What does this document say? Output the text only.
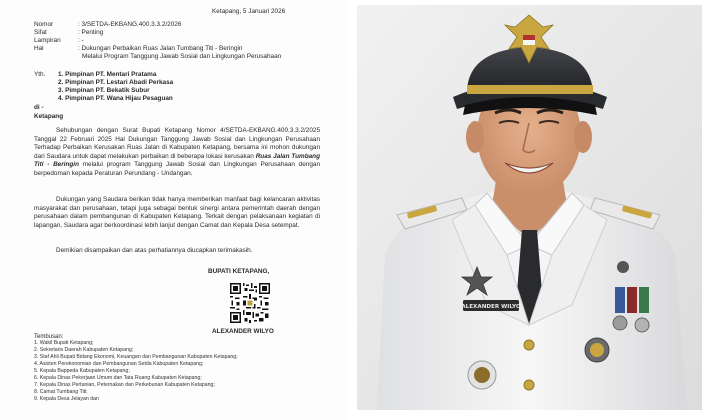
Ketapang, 5 Januari 2026
Nomor	: 3/SETDA-EKBANG.400.3.3.2/2026
Sifat	: Penting
Lampiran	: -
Hal	: Dukungan Perbaikan Ruas Jalan Tumbang Titi - Beringin
Melalui Program Tanggung Jawab Sosial dan Lingkungan Perusahaan
Yth. 1. Pimpinan PT. Mentari Pratama
2. Pimpinan PT. Lestari Abadi Perkasa
3. Pimpinan PT. Bekatik Subur
4. Pimpinan PT. Wana Hijau Pesaguan
di -
Ketapang
Sehubungan dengan Surat Bupati Ketapang Nomor 4/SETDA-EKBANG.400.3.3.2/2025 Tanggal 22 Februari 2025 Hal Dukungan Tanggung Jawab Sosial dan Lingkungan Perusahaan Terhadap Perbaikan Kerusakan Ruas Jalan di Kabupaten Ketapang, bersama ini mohon dukungan dari Saudara untuk dapat melakukan perbaikan di beberapa lokasi kerusakan Ruas Jalan Tumbang Titi - Beringin melalui program Tanggung Jawab Sosial dan Lingkungan Perusahaan dengan berpedoman kepada Peraturan Perundang - Undangan.
Dukungan yang Saudara berikan tidak hanya memberikan manfaat bagi kelancaran aktivitas masyarakat dan perusahaan, tetapi juga sebagai bentuk sinergi antara pemerintah daerah dengan perusahaan dalam pembangunan di Kabupaten Ketapang. Terkait dengan pelaksanaan kegiatan di lapangan, Saudara agar berkoordinasi lebih lanjut dengan Camat dan Kepala Desa setempat.
Demikian disampaikan dan atas perhatiannya diucapkan terimakasih.
BUPATI KETAPANG,
ALEXANDER WILYO
Tembusan:
1. Wakil Bupati Ketapang;
2. Sekretaris Daerah Kabupaten Ketapang;
3. Staf Ahli Bupati Bidang Ekonomi, Keuangan dan Pembangunan Kabupaten Ketapang;
4. Asisten Perekonomian dan Pembangunan Setda Kabupaten Ketapang;
5. Kepala Bappeda Kabupaten Ketapang;
6. Kepala Dinas Pekerjaan Umum dan Tata Ruang Kabupaten Ketapang;
7. Kepala Dinas Pertanian, Peternakan dan Perkebunan Kabupaten Ketapang;
8. Camat Tumbang Titi;
9. Kepala Desa Jelayan dan
ALEXANDER WILYO
